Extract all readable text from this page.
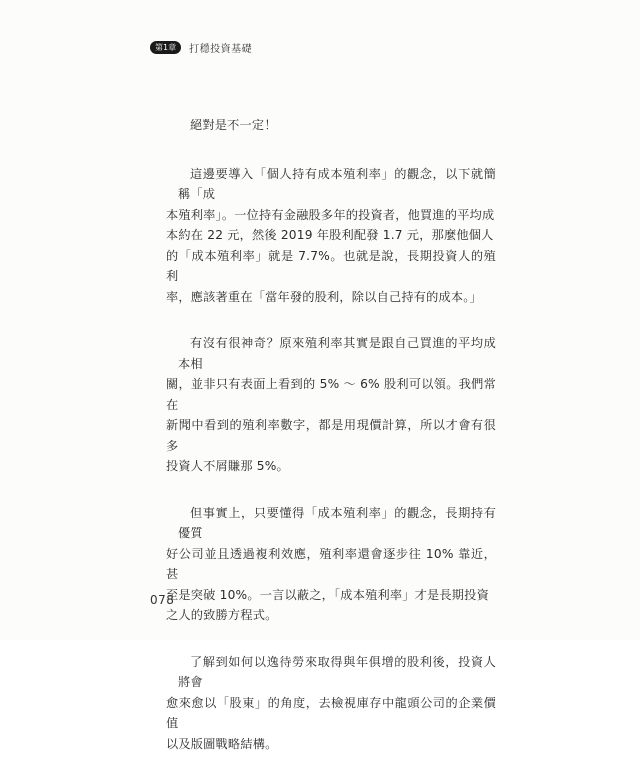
第1章	打穩投資基礎

絕對是不一定！

這邊要導入「個人持有成本殖利率」的觀念，以下就簡稱「成
本殖利率」。一位持有金融股多年的投資者，他買進的平均成
本約在 22 元，然後 2019 年股利配發 1.7 元，那麼他個人
的「成本殖利率」就是 7.7%。也就是說，長期投資人的殖利
率，應該著重在「當年發的股利，除以自己持有的成本。」

有沒有很神奇？原來殖利率其實是跟自己買進的平均成本相
關，並非只有表面上看到的 5% ～ 6% 股利可以領。我們常在
新聞中看到的殖利率數字，都是用現價計算，所以才會有很多
投資人不屑賺那 5%。

但事實上，只要懂得「成本殖利率」的觀念，長期持有優質
好公司並且透過複利效應，殖利率還會逐步往 10% 靠近，甚
至是突破 10%。一言以蔽之，「成本殖利率」才是長期投資
之人的致勝方程式。

了解到如何以逸待勞來取得與年俱增的股利後，投資人將會
愈來愈以「股東」的角度，去檢視庫存中龍頭公司的企業價值
以及版圖戰略結構。

078
